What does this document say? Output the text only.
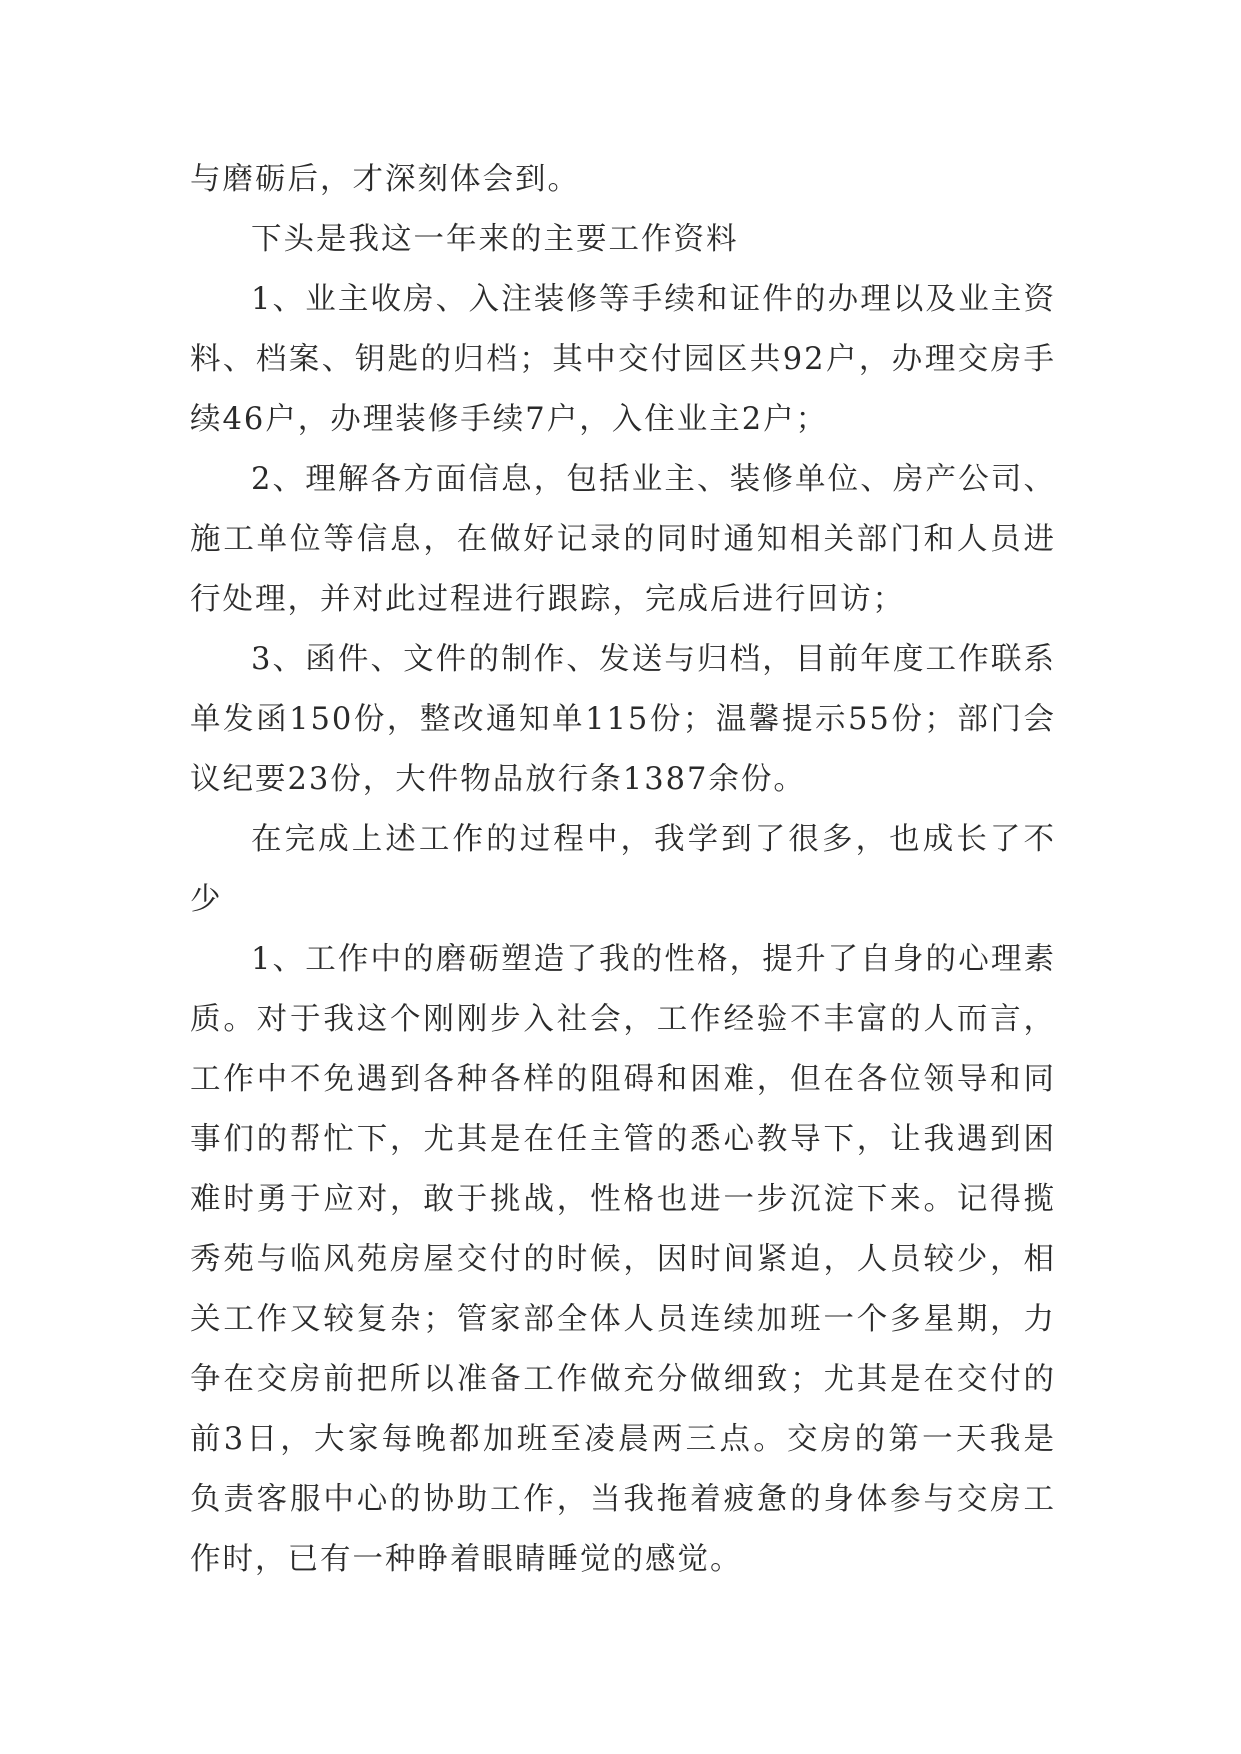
与磨砺后，才深刻体会到。

下头是我这一年来的主要工作资料

1、业主收房、入注装修等手续和证件的办理以及业主资料、档案、钥匙的归档；其中交付园区共92户，办理交房手续46户，办理装修手续7户，入住业主2户；

2、理解各方面信息，包括业主、装修单位、房产公司、施工单位等信息，在做好记录的同时通知相关部门和人员进行处理，并对此过程进行跟踪，完成后进行回访；

3、函件、文件的制作、发送与归档，目前年度工作联系单发函150份，整改通知单115份；温馨提示55份；部门会议纪要23份，大件物品放行条1387余份。

在完成上述工作的过程中，我学到了很多，也成长了不少

1、工作中的磨砺塑造了我的性格，提升了自身的心理素质。对于我这个刚刚步入社会，工作经验不丰富的人而言，工作中不免遇到各种各样的阻碍和困难，但在各位领导和同事们的帮忙下，尤其是在任主管的悉心教导下，让我遇到困难时勇于应对，敢于挑战，性格也进一步沉淀下来。记得揽秀苑与临风苑房屋交付的时候，因时间紧迫，人员较少，相关工作又较复杂；管家部全体人员连续加班一个多星期，力争在交房前把所以准备工作做充分做细致；尤其是在交付的前3日，大家每晚都加班至凌晨两三点。交房的第一天我是负责客服中心的协助工作，当我拖着疲惫的身体参与交房工作时，已有一种睁着眼睛睡觉的感觉。
